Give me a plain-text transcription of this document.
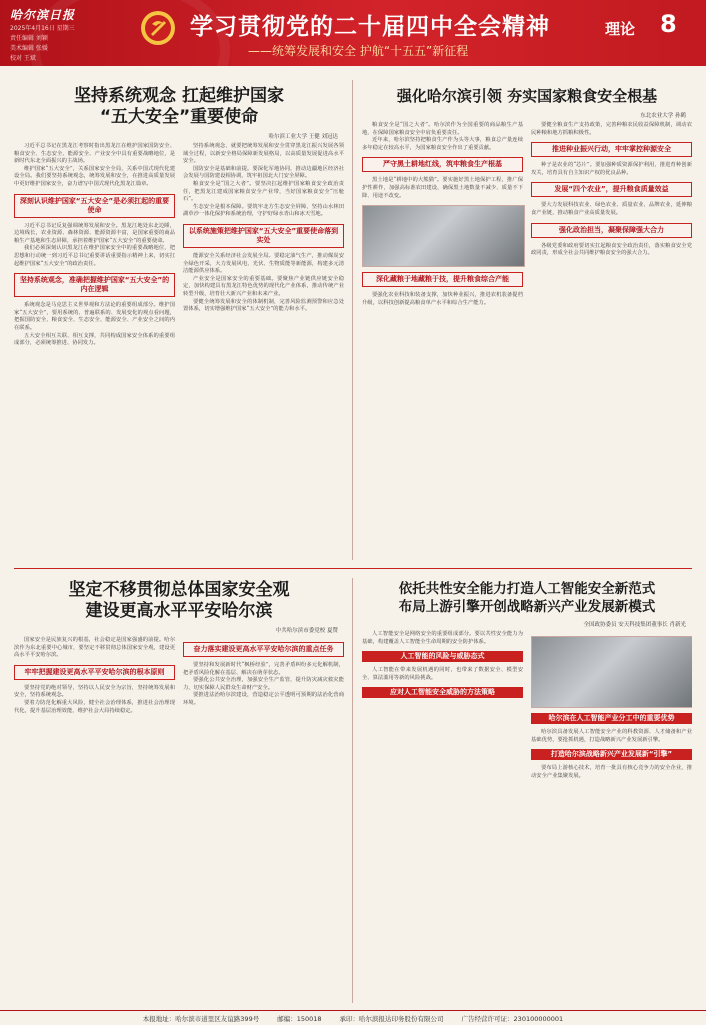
哈尔滨日报
2025年4月16日 星期三
责任编辑 刘颖
美术编辑 张媛
校对 王斌
学习贯彻党的二十届四中全会精神
——统筹发展和安全 护航“十五五”新征程
理论 8
坚持系统观念 扛起维护国家
“五大安全”重要使命
哈尔滨工业大学 王健 刘冠达

习近平总书记在黑龙江考察时指出黑龙江在维护国家国防安全、粮食安全、生态安全、能源安全、产业安全中具有重要战略地位，是新时代东北全面振兴的主战场。

维护国家“五大安全”，关系国家安全全局，关系中国式现代化建设全局。我们要坚持系统观念，统筹发展和安全，在推进高质量发展中更好维护国家安全，奋力谱写中国式现代化黑龙江篇章。

深刻认识维护国家“五大安全”是必须扛起的重要使命

习近平总书记反复强调统筹发展和安全。黑龙江地处东北边陲，边境线长，农业资源、森林资源、能源资源丰富，是国家重要的商品粮生产基地和生态屏障，承担着维护国家“五大安全”的重要使命。

我们必须深刻认识黑龙江在维护国家安全中的重要战略地位，把思想和行动统一到习近平总书记重要讲话重要指示精神上来，切实扛起维护国家“五大安全”的政治责任。

坚持系统观念，准确把握维护国家“五大安全”的内在逻辑

系统观念是马克思主义世界观和方法论的重要组成部分。维护国家“五大安全”，要用系统的、普遍联系的、发展变化的观点看问题，把握国防安全、粮食安全、生态安全、能源安全、产业安全之间的内在联系。

五大安全相互关联、相互支撑，共同构成国家安全体系的重要组成部分，必须统筹推进、协同发力。

坚持系统观念，就要把统筹发展和安全贯穿黑龙江振兴发展各领域全过程，以新安全格局保障新发展格局，以高质量发展促进高水平安全。

国防安全是基础和前提。要深化军地协同，推动边疆地区经济社会发展与国防建设相协调，筑牢祖国北大门安全屏障。

粮食安全是“国之大者”。要坚决扛起维护国家粮食安全政治责任，把黑龙江建成国家粮食安全产业带，当好国家粮食安全“压舱石”。

生态安全是根本保障。要筑牢北方生态安全屏障，坚持山水林田湖草沙一体化保护和系统治理，守护好绿水青山和冰天雪地。

以系统施策把维护国家“五大安全”重要使命落到实处

能源安全关系经济社会发展全局。要稳定油气生产，推动煤炭安全绿色开采，大力发展风电、光伏、生物质能等新能源，构建多元清洁能源供应体系。

产业安全是国家安全的重要基础。要聚焦产业链供应链安全稳定，加快构建具有黑龙江特色优势的现代化产业体系，推动传统产业转型升级，培育壮大新兴产业和未来产业。

要健全统筹发展和安全的体制机制，完善风险监测预警和应急处置体系，切实增强维护国家“五大安全”的能力和水平。

强化哈尔滨引领 夯实国家粮食安全根基
东北农业大学 孙鹤

粮食安全是“国之大者”。哈尔滨作为全国重要的商品粮生产基地，在保障国家粮食安全中肩负重要责任。

近年来，哈尔滨坚持把粮食生产作为头等大事，粮食总产量连续多年稳定在较高水平，为国家粮食安全作出了重要贡献。

严守黑土耕地红线，筑牢粮食生产根基

黑土地是“耕地中的大熊猫”。要实施好黑土地保护工程，推广保护性耕作，加强高标准农田建设，确保黑土地数量不减少、质量不下降、用途不改变。

深化藏粮于地藏粮于技，提升粮食综合产能

要强化农业科技和装备支撑，加快种业振兴，推进农机装备提档升级，以科技创新提高粮食单产水平和综合生产能力。

要健全粮食生产支持政策，完善种粮农民收益保障机制，调动农民种粮和地方抓粮积极性。

推进种业振兴行动，牢牢掌控种源安全

种子是农业的“芯片”。要加强种质资源保护利用，推进育种创新攻关，培育具有自主知识产权的优良品种。

发展“四个农业”，提升粮食质量效益

要大力发展科技农业、绿色农业、质量农业、品牌农业，延伸粮食产业链，推动粮食产业高质量发展。

强化政治担当，凝聚保障强大合力

各级党委和政府要切实扛起粮食安全政治责任，落实粮食安全党政同责，形成全社会共同维护粮食安全的强大合力。

坚定不移贯彻总体国家安全观
建设更高水平平安哈尔滨
中共哈尔滨市委党校 夏赞

国家安全是民族复兴的根基，社会稳定是国家强盛的前提。哈尔滨作为东北重要中心城市，要坚定不移贯彻总体国家安全观，建设更高水平平安哈尔滨。

牢牢把握建设更高水平平安哈尔滨的根本原则

要坚持党的绝对领导，坚持以人民安全为宗旨，坚持统筹发展和安全，坚持系统观念。

要着力防范化解重大风险，健全社会治理体系，推进社会治理现代化，提升基层治理效能，维护社会大局持续稳定。

奋力落实建设更高水平平安哈尔滨的重点任务

要坚持和发展新时代“枫桥经验”，完善矛盾纠纷多元化解机制，把矛盾风险化解在基层、解决在萌芽状态。

要强化公共安全治理，加强安全生产监管，提升防灾减灾救灾能力，切实保障人民群众生命财产安全。

要推进法治哈尔滨建设，营造稳定公平透明可预期的法治化营商环境。

依托共性安全能力打造人工智能安全新范式
布局上游引擎开创战略新兴产业发展新模式
全国政协委员 安天科技集团董事长 肖新光

人工智能安全是网络安全的重要组成部分。要以共性安全能力为基础，构建覆盖人工智能全生命周期的安全防护体系。

人工智能的风险与威胁态式

人工智能在带来发展机遇的同时，也带来了数据安全、模型安全、算法滥用等新的风险挑战。

应对人工智能安全威胁的方法策略
哈尔滨在人工智能产业分工中的重要优势

哈尔滨具备发展人工智能安全产业的科教资源、人才储备和产业基础优势，要抢抓机遇，打造战略新兴产业发展新引擎。

打造哈尔滨战略新兴产业发展新“引擎”

要布局上游核心技术，培育一批具有核心竞争力的安全企业，推动安全产业集聚发展。

本报地址：哈尔滨市道里区友谊路399号	邮编：150018	承印：哈尔滨报达印务股份有限公司	广告经营许可证：230100000001
